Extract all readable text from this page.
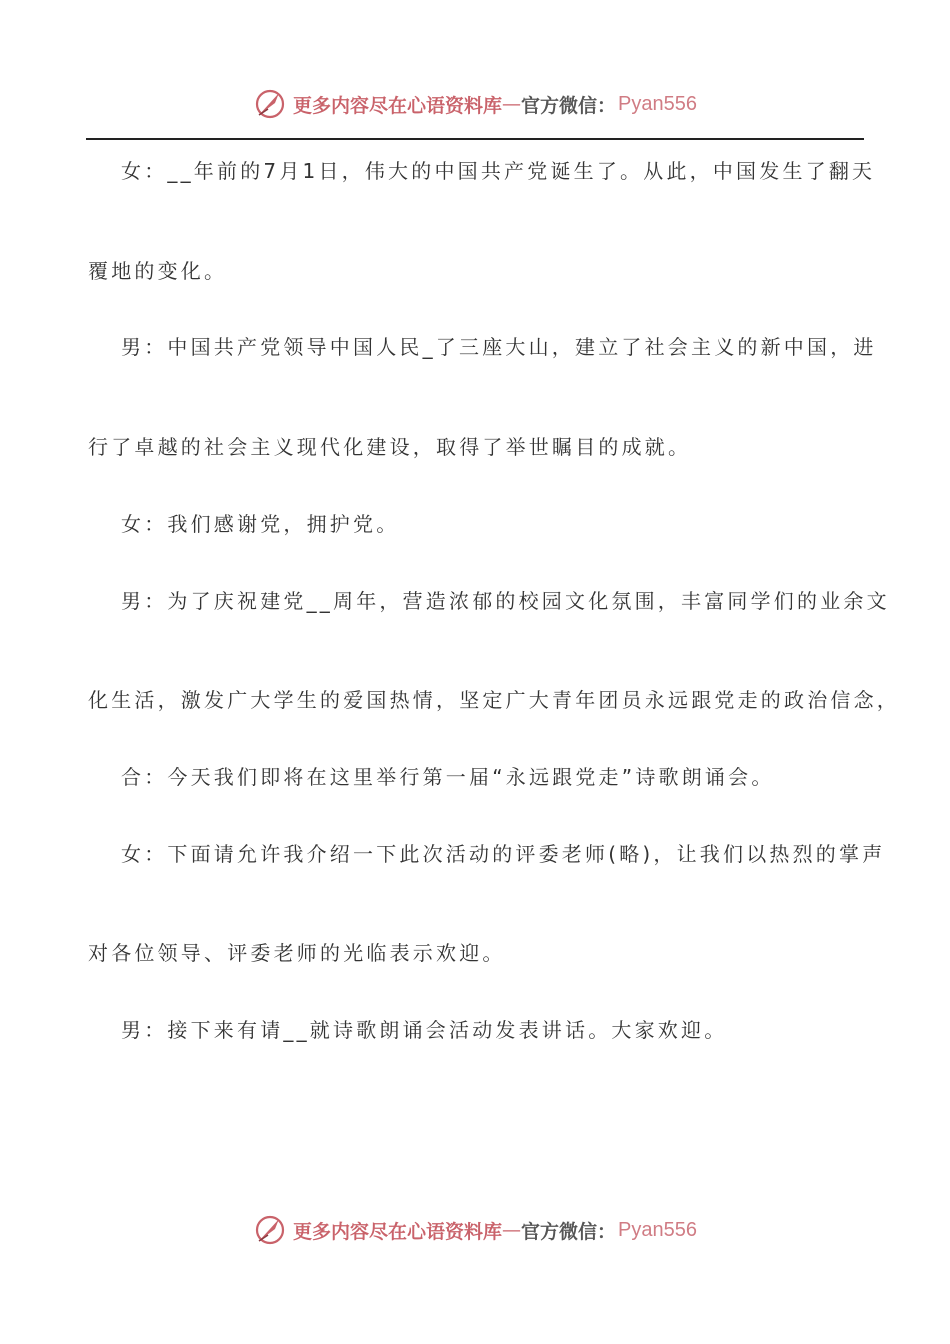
更多内容尽在心语资料库 — 官方微信： Pyan556
女：__年前的7月1日，伟大的中国共产党诞生了。从此，中国发生了翻天
覆地的变化。
男：中国共产党领导中国人民_了三座大山，建立了社会主义的新中国，进
行了卓越的社会主义现代化建设，取得了举世瞩目的成就。
女：我们感谢党，拥护党。
男：为了庆祝建党__周年，营造浓郁的校园文化氛围，丰富同学们的业余文
化生活，激发广大学生的爱国热情，坚定广大青年团员永远跟党走的政治信念，
合：今天我们即将在这里举行第一届“永远跟党走”诗歌朗诵会。
女：下面请允许我介绍一下此次活动的评委老师(略)，让我们以热烈的掌声
对各位领导、评委老师的光临表示欢迎。
男：接下来有请__就诗歌朗诵会活动发表讲话。大家欢迎。
更多内容尽在心语资料库 — 官方微信： Pyan556
